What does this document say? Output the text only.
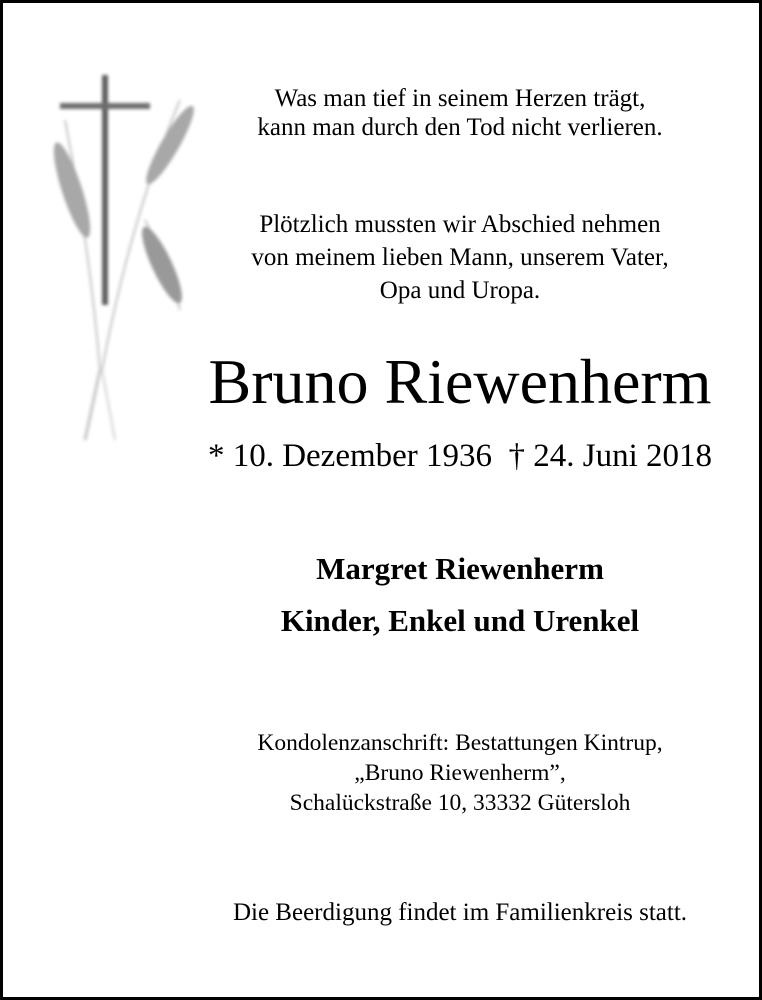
Was man tief in seinem Herzen trägt,
kann man durch den Tod nicht verlieren.
Plötzlich mussten wir Abschied nehmen
von meinem lieben Mann, unserem Vater,
Opa und Uropa.
Bruno Riewenherm
* 10. Dezember 1936  † 24. Juni 2018
Margret Riewenherm
Kinder, Enkel und Urenkel
Kondolenzanschrift: Bestattungen Kintrup,
„Bruno Riewenherm”,
Schalückstraße 10, 33332 Gütersloh
Die Beerdigung findet im Familienkreis statt.
